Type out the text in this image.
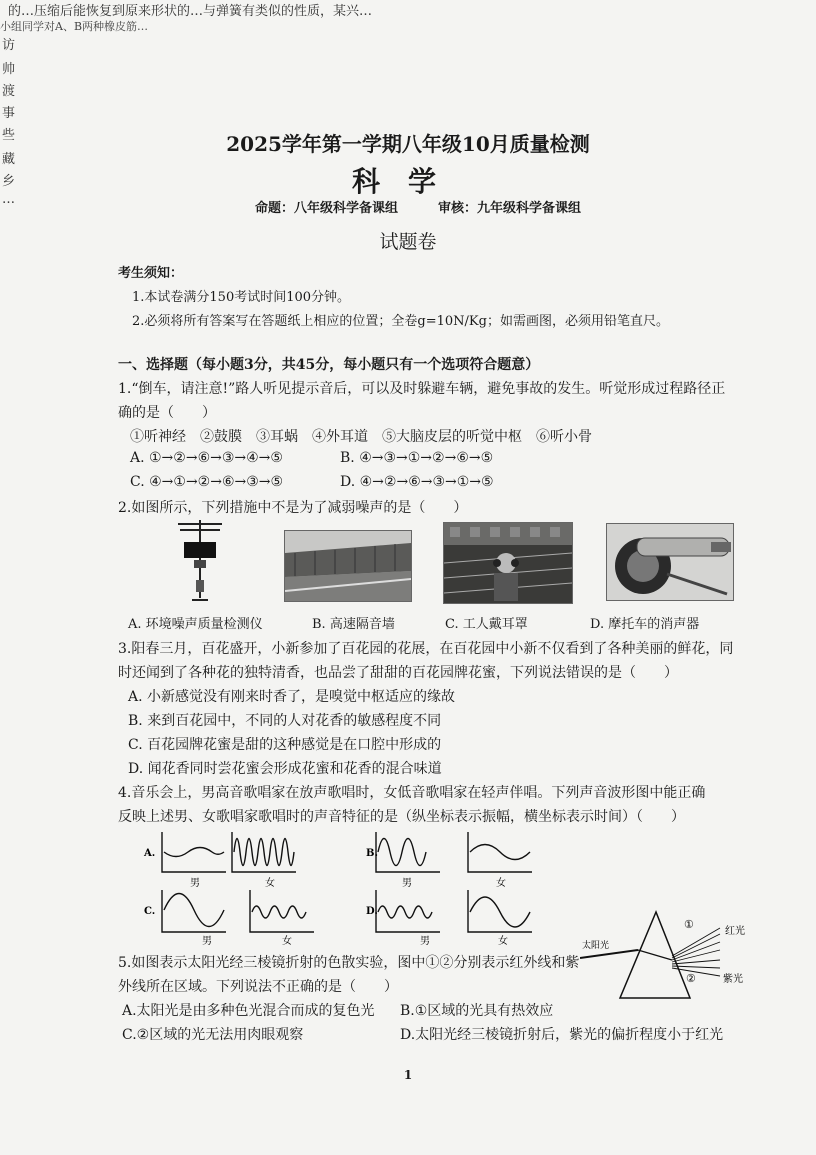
的…压缩后能恢复到原来形状的…与弹簧有类似的性质，某兴…
小组同学对A、B两种橡皮筋…
访
帅
渡
事
些
藏
乡
…
2025学年第一学期八年级10月质量检测
科学
命题：八年级科学备课组	审核：九年级科学备课组
试题卷
考生须知：
1.本试卷满分150考试时间100分钟。
2.必须将所有答案写在答题纸上相应的位置；全卷g=10N/Kg；如需画图，必须用铅笔直尺。
一、选择题（每小题3分，共45分，每小题只有一个选项符合题意）
1.“倒车，请注意!”路人听见提示音后，可以及时躲避车辆，避免事故的发生。听觉形成过程路径正
确的是（　　）
①听神经　②鼓膜　③耳蜗　④外耳道　⑤大脑皮层的听觉中枢　⑥听小骨
A. ①→②→⑥→③→④→⑤	B. ④→③→①→②→⑥→⑤
C. ④→①→②→⑥→③→⑤	D. ④→②→⑥→③→①→⑤
2.如图所示，下列措施中不是为了减弱噪声的是（　　）
A. 环境噪声质量检测仪	B. 高速隔音墙	C. 工人戴耳罩	D. 摩托车的消声器
3.阳春三月，百花盛开，小新参加了百花园的花展，在百花园中小新不仅看到了各种美丽的鲜花，同
时还闻到了各种花的独特清香，也品尝了甜甜的百花园牌花蜜，下列说法错误的是（　　）
A. 小新感觉没有刚来时香了，是嗅觉中枢适应的缘故
B. 来到百花园中，不同的人对花香的敏感程度不同
C. 百花园牌花蜜是甜的这种感觉是在口腔中形成的
D. 闻花香同时尝花蜜会形成花蜜和花香的混合味道
4.音乐会上，男高音歌唱家在放声歌唱时，女低音歌唱家在轻声伴唱。下列声音波形图中能正确
反映上述男、女歌唱家歌唱时的声音特征的是（纵坐标表示振幅，横坐标表示时间）（　　）
A.	B.
C.	D.
男	女	男	女
男	女	男	女	太阳光
①
②
红光
紫光
5.如图表示太阳光经三棱镜折射的色散实验，图中①②分别表示红外线和紫
外线所在区域。下列说法不正确的是（　　）
A.太阳光是由多种色光混合而成的复色光 B.①区域的光具有热效应
C.②区域的光无法用肉眼观察	D.太阳光经三棱镜折射后，紫光的偏折程度小于红光
1
